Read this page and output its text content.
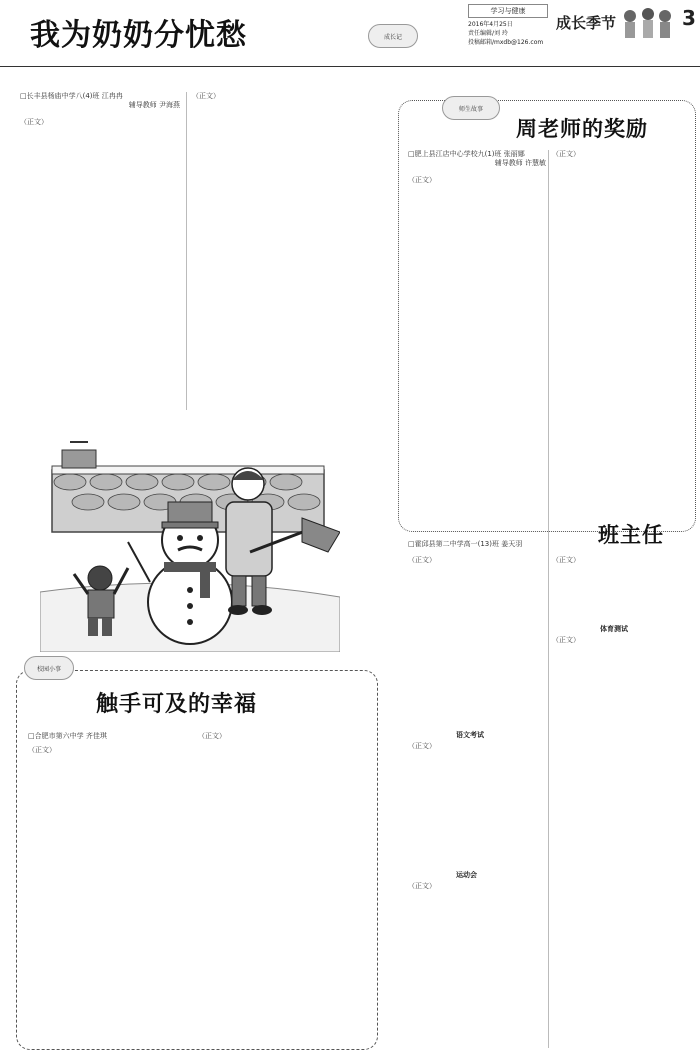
我为奶奶分忧愁	成长记
学习与健康
2016年4月25日
责任编辑/刘 玲
投稿邮箱/mxdb@126.com
成长季节	3
□长丰县杨庙中学八(4)班 江冉冉
辅导教师 尹海燕
（正文）
（正文）
校园小事
触手可及的幸福
□合肥市第六中学 齐佳琪
（正文）
（正文）
师生故事
周老师的奖励
□肥上县江店中心学校九(1)班 张丽娜
辅导教师 许慧敏
（正文）
（正文）
□霍邱县第二中学高一(13)班 姜天羽	班主任
（正文）
语文考试
（正文）
运动会
（正文）
（正文）
体育测试
（正文）
